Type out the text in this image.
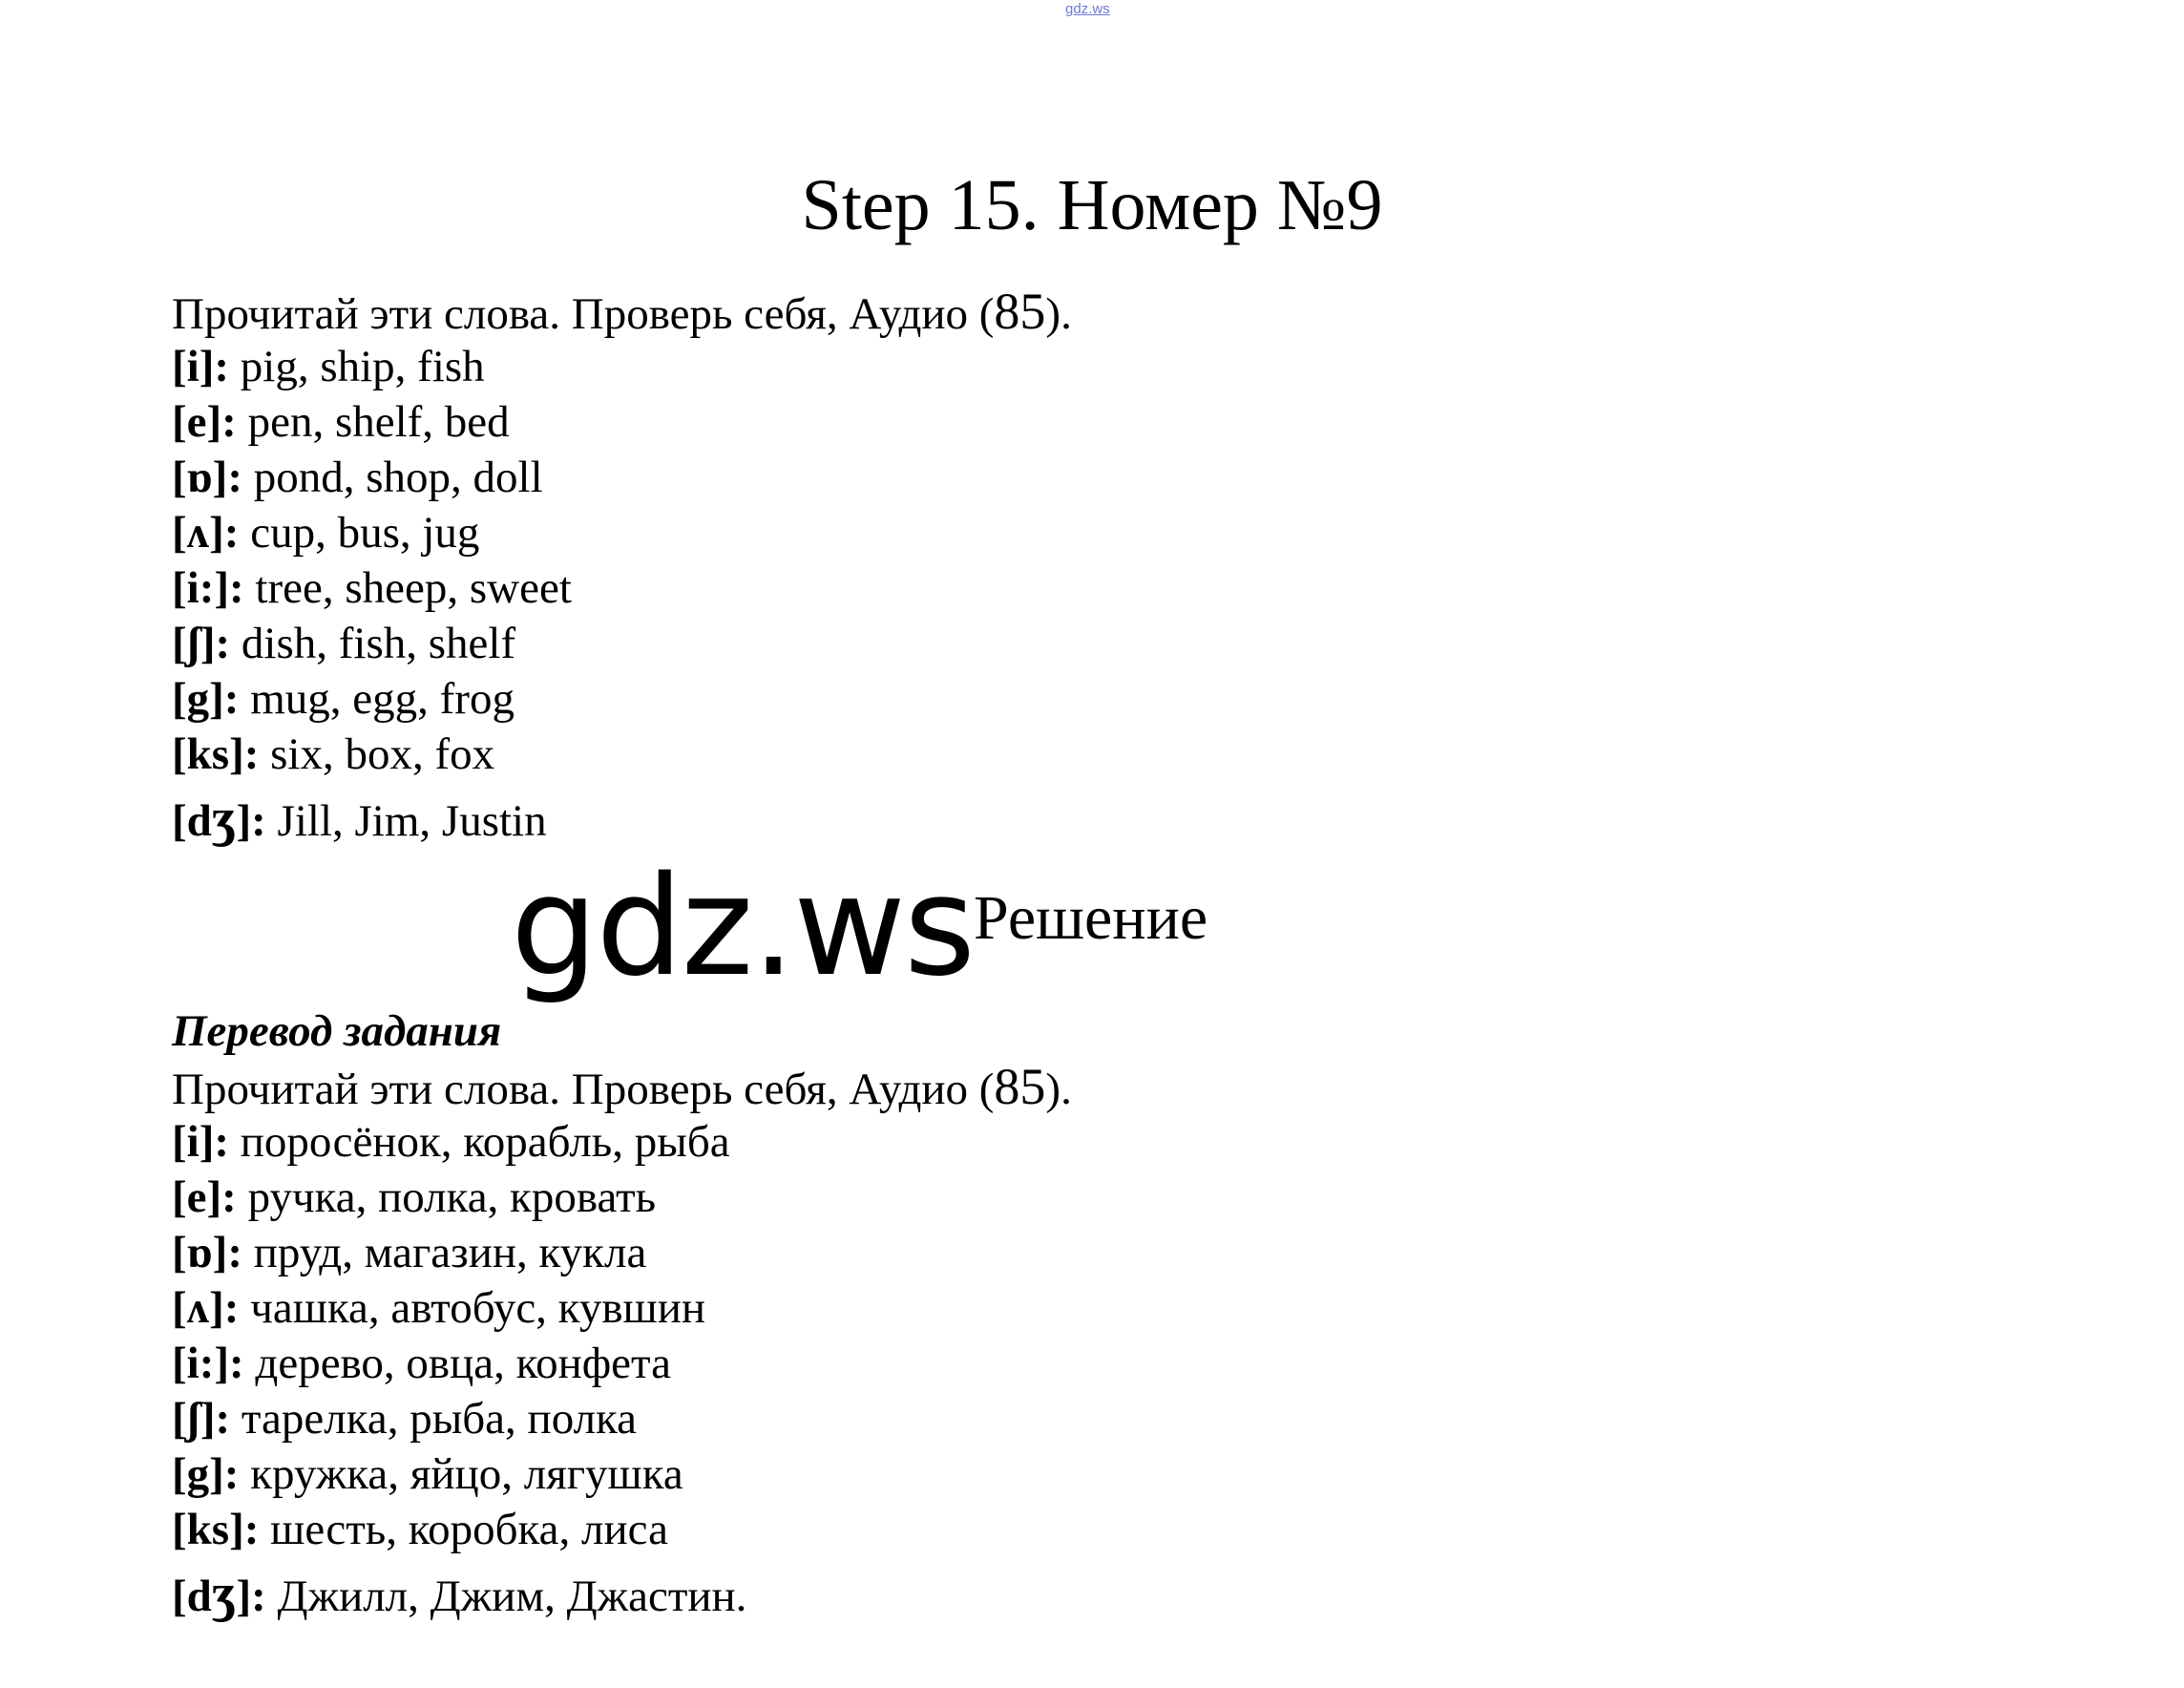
gdz.ws
Step 15. Номер №9
Прочитай эти слова. Проверь себя, Аудио (85).
[i]: pig, ship, fish
[e]: pen, shelf, bed
[ɒ]: pond, shop, doll
[ʌ]: cup, bus, jug
[i:]: tree, sheep, sweet
[ʃ]: dish, fish, shelf
[g]: mug, egg, frog
[ks]: six, box, fox
[dʒ]: Jill, Jim, Justin
Перевод задания
Прочитай эти слова. Проверь себя, Аудио (85).
[i]: поросёнок, корабль, рыба
[e]: ручка, полка, кровать
[ɒ]: пруд, магазин, кукла
[ʌ]: чашка, автобус, кувшин
[i:]: дерево, овца, конфета
[ʃ]: тарелка, рыба, полка
[g]: кружка, яйцо, лягушка
[ks]: шесть, коробка, лиса
[dʒ]: Джилл, Джим, Джастин.
gdz.ws Решение
